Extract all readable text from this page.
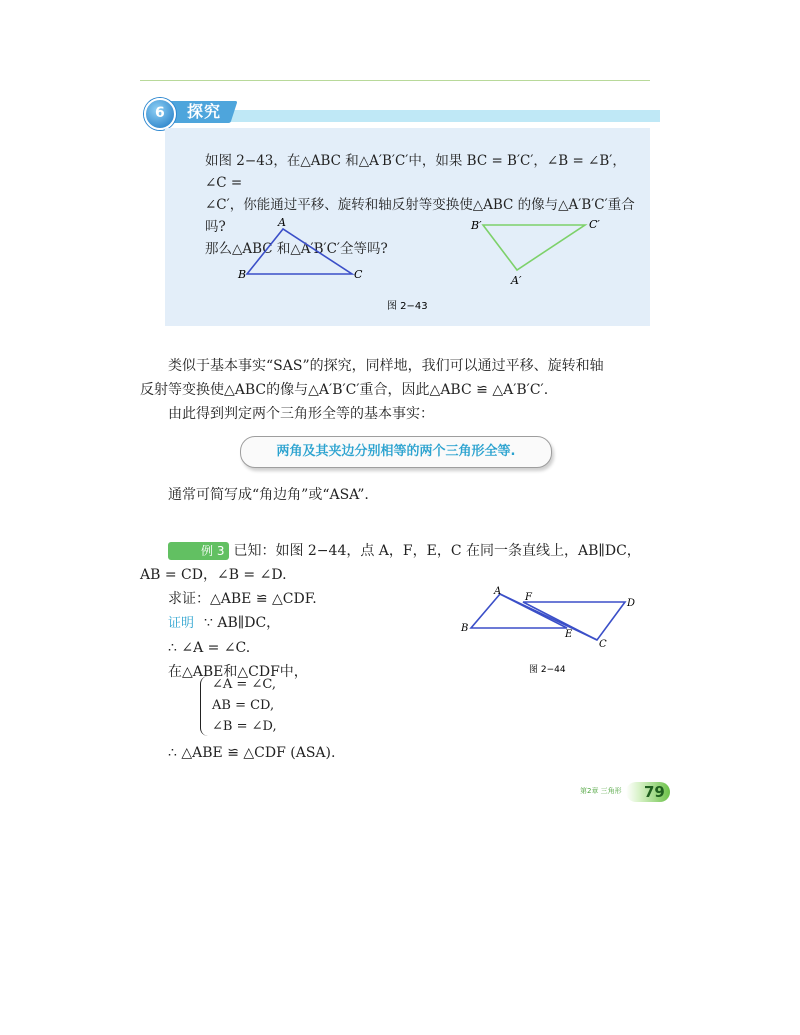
探究
6

如图 2−43，在△ABC 和△A′B′C′中，如果 BC = B′C′，∠B = ∠B′，∠C =

∠C′，你能通过平移、旋转和轴反射等变换使△ABC 的像与△A′B′C′重合吗?

那么△ABC 和△A′B′C′全等吗?

A
B	C
B′	C′
A′
图 2−43

类似于基本事实“SAS”的探究，同样地，我们可以通过平移、旋转和轴

反射等变换使△ABC的像与△A′B′C′重合，因此△ABC ≌ △A′B′C′.

由此得到判定两个三角形全等的基本事实：

两角及其夹边分别相等的两个三角形全等.

通常可简写成“角边角”或“ASA”.

例 3 已知：如图 2−44，点 A，F，E，C 在同一条直线上，AB∥DC，

AB = CD，∠B = ∠D.

求证：△ABE ≌ △CDF.

证明 ∵ AB∥DC，

∴ ∠A = ∠C.

在△ABE和△CDF中，

∠A = ∠C,
AB = CD,
∠B = ∠D,

∴ △ABE ≌ △CDF (ASA).

A
F
D
B
E
C
图 2−44
第2章 三角形 79
